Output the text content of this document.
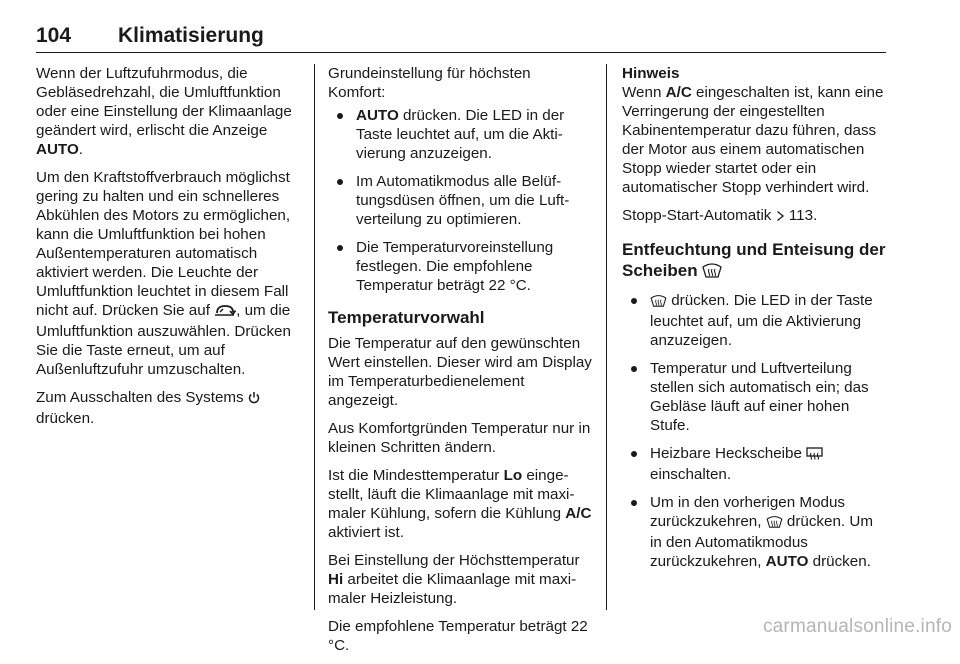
104 Klimatisierung

Wenn der Luftzufuhrmodus, die Gebläsedrehzahl, die Umluftfunktion oder eine Einstellung der Klimaanlage geändert wird, erlischt die Anzeige AUTO.

Um den Kraftstoffverbrauch möglichst gering zu halten und ein schnelleres Abkühlen des Motors zu ermöglichen, kann die Umluftfunktion bei hohen Außentemperaturen automatisch aktiviert werden. Die Leuchte der Umluftfunktion leuchtet in diesem Fall nicht auf. Drücken Sie auf , um die Umluftfunktion auszuwählen. Drücken Sie die Taste erneut, um auf Außenluftzufuhr umzuschalten.

Zum Ausschalten des Systems  drücken.

Grundeinstellung für höchsten Komfort:

AUTO drücken. Die LED in der Taste leuchtet auf, um die Aktivierung anzuzeigen.
Im Automatikmodus alle Belüftungsdüsen öffnen, um die Luftverteilung zu optimieren.
Die Temperaturvoreinstellung festlegen. Die empfohlene Temperatur beträgt 22 °C.
Temperaturvorwahl

Die Temperatur auf den gewünschten Wert einstellen. Dieser wird am Display im Temperaturbedienelement angezeigt.

Aus Komfortgründen Temperatur nur in kleinen Schritten ändern.

Ist die Mindesttemperatur Lo eingestellt, läuft die Klimaanlage mit maximaler Kühlung, sofern die Kühlung A/C aktiviert ist.

Bei Einstellung der Höchsttemperatur Hi arbeitet die Klimaanlage mit maximaler Heizleistung.

Die empfohlene Temperatur beträgt 22 °C.

Hinweis
Wenn A/C eingeschalten ist, kann eine Verringerung der eingestellten Kabinentemperatur dazu führen, dass der Motor aus einem automatischen Stopp wieder startet oder ein automatischer Stopp verhindert wird.

Stopp-Start-Automatik  113.

Entfeuchtung und Enteisung der Scheiben
drücken. Die LED in der Taste leuchtet auf, um die Aktivierung anzuzeigen.
Temperatur und Luftverteilung stellen sich automatisch ein; das Gebläse läuft auf einer hohen Stufe.
Heizbare Heckscheibe  einschalten.
Um in den vorherigen Modus zurückzukehren,  drücken. Um in den Automatikmodus zurückzukehren, AUTO drücken.
carmanualsonline.info
